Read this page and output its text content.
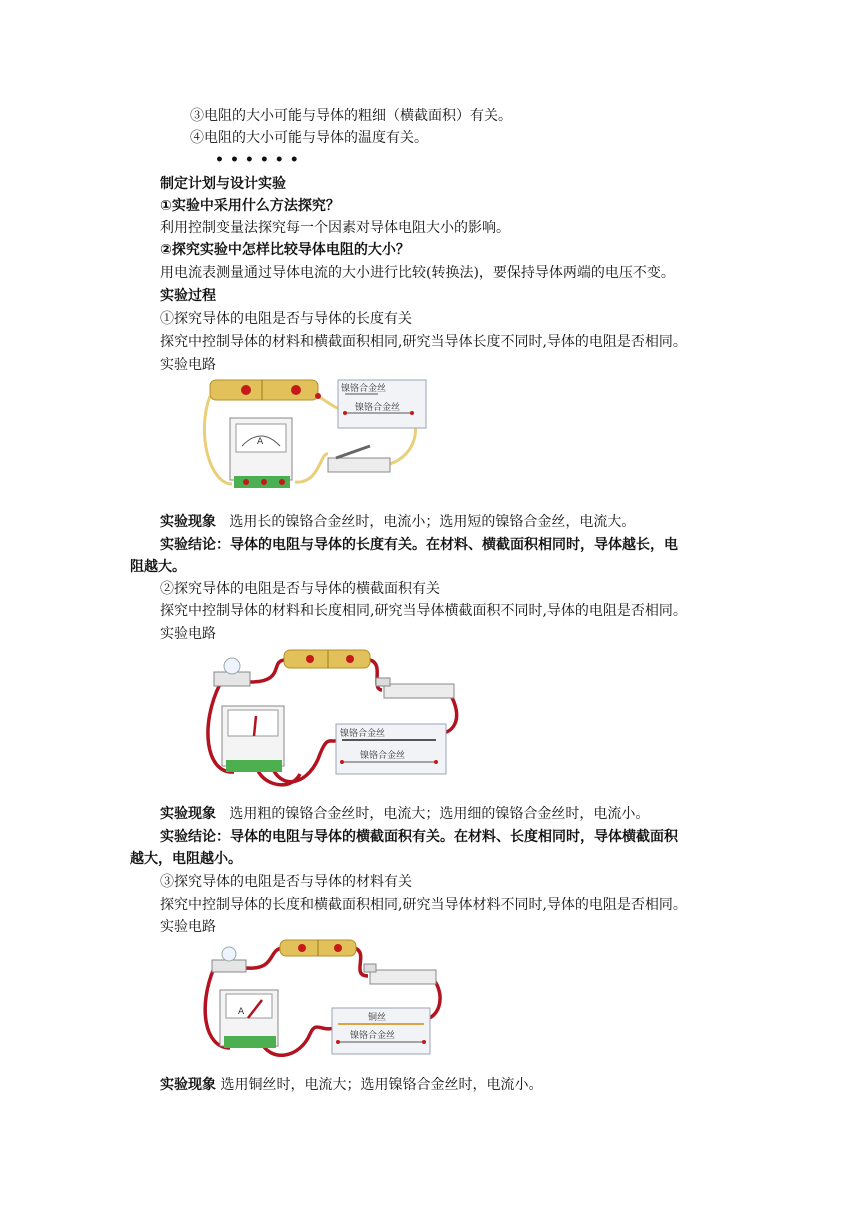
③电阻的大小可能与导体的粗细（横截面积）有关。
④电阻的大小可能与导体的温度有关。
••••••
制定计划与设计实验
①实验中采用什么方法探究？
利用控制变量法探究每一个因素对导体电阻大小的影响。
②探究实验中怎样比较导体电阻的大小？
用电流表测量通过导体电流的大小进行比较(转换法)，要保持导体两端的电压不变。
实验过程
①探究导体的电阻是否与导体的长度有关
探究中控制导体的材料和横截面积相同,研究当导体长度不同时,导体的电阻是否相同。
实验电路
镍铬合金丝
镍铬合金丝
A
实验现象 选用长的镍铬合金丝时，电流小；选用短的镍铬合金丝，电流大。
实验结论：导体的电阻与导体的长度有关。在材料、横截面积相同时，导体越长，电
阻越大。
②探究导体的电阻是否与导体的横截面积有关
探究中控制导体的材料和长度相同,研究当导体横截面积不同时,导体的电阻是否相同。
实验电路
镍铬合金丝
镍铬合金丝
实验现象 选用粗的镍铬合金丝时，电流大；选用细的镍铬合金丝时，电流小。
实验结论：导体的电阻与导体的横截面积有关。在材料、长度相同时，导体横截面积
越大，电阻越小。
③探究导体的电阻是否与导体的材料有关
探究中控制导体的长度和横截面积相同,研究当导体材料不同时,导体的电阻是否相同。
实验电路
A
铜丝
镍铬合金丝
实验现象 选用铜丝时，电流大；选用镍铬合金丝时，电流小。
